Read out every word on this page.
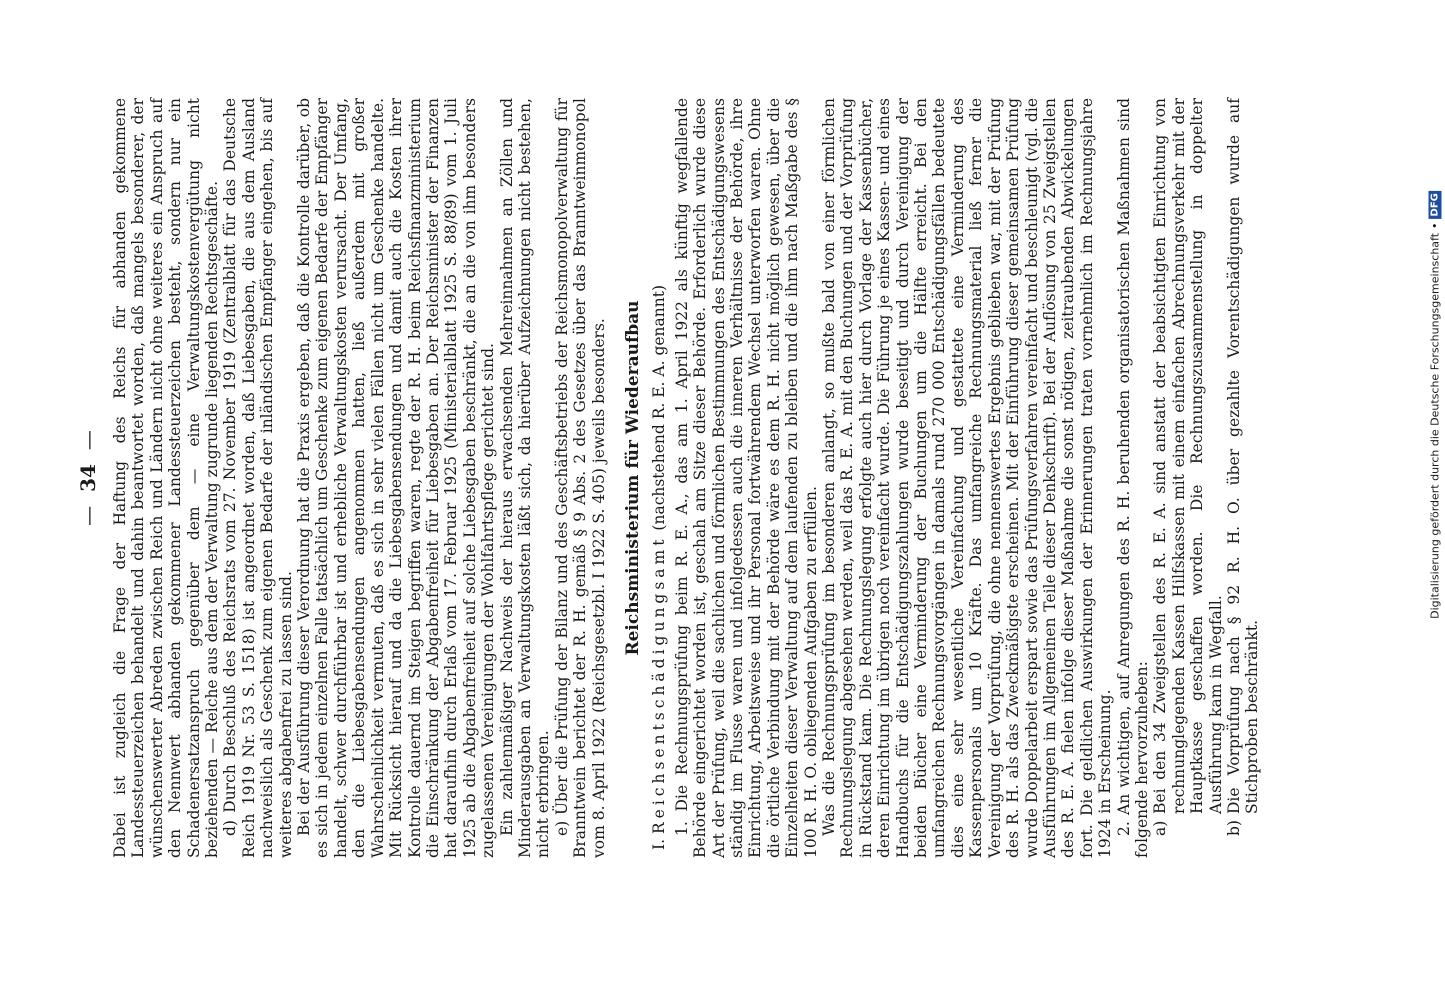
—34— Dabei ist zugleich die Frage der Haftung des Reichs für abhanden gekommene Landessteuerzeichen behandelt und dahin beantwortet worden, daß mangels besonderer, der wünschenswerter Abreden zwischen Reich und Ländern nicht ohne weiteres ein Anspruch auf den Nennwert abhanden gekommener Landessteuerzeichen besteht, sondern nur ein Schadenersatzanspruch gegenüber dem — eine Verwaltungskostenvergütung nicht beziehenden — Reiche aus dem der Verwaltung zugrunde liegenden Rechtsgeschäfte. d) Durch Beschluß des Reichsrats vom 27. November 1919 (Zentralblatt für das Deutsche Reich 1919 Nr. 53 S. 1518) ist angeordnet worden, daß Liebesgaben, die aus dem Ausland nachweislich als Geschenk zum eigenen Bedarfe der inländischen Empfänger eingehen, bis auf weiteres abgabenfrei zu lassen sind. Bei der Ausführung dieser Verordnung hat die Praxis ergeben, daß die Kontrolle darüber, ob es sich in jedem einzelnen Falle tatsächlich um Geschenke zum eigenen Bedarfe der Empfänger handelt, schwer durchführbar ist und erhebliche Verwaltungskosten verursacht. Der Umfang, den die Liebesgabensendungen angenommen hatten, ließ außerdem mit großer Wahrscheinlichkeit vermuten, daß es sich in sehr vielen Fällen nicht um Geschenke handelte. Mit Rücksicht hierauf und da die Liebesgabensendungen und damit auch die Kosten ihrer Kontrolle dauernd im Steigen begriffen waren, regte der R. H. beim Reichsfinanzministerium die Einschränkung der Abgabenfreiheit für Liebesgaben an. Der Reichsminister der Finanzen hat daraufhin durch Erlaß vom 17. Februar 1925 (Ministerialblatt 1925 S. 88/89) vom 1. Juli 1925 ab die Abgabenfreiheit auf solche Liebesgaben beschränkt, die an die von ihm besonders zugelassenen Vereinigungen der Wohlfahrtspflege gerichtet sind. Ein zahlenmäßiger Nachweis der hieraus erwachsenden Mehreinnahmen an Zöllen und Minderausgaben an Verwaltungskosten läßt sich, da hierüber Aufzeichnungen nicht bestehen, nicht erbringen. e) Über die Prüfung der Bilanz und des Geschäftsbetriebs der Reichsmonopolverwaltung für Branntwein berichtet der R. H. gemäß § 9 Abs. 2 des Gesetzes über das Branntweinmonopol vom 8. April 1922 (Reichsgesetzbl. I 1922 S. 405) jeweils besonders. Reichsministerium für Wiederaufbau
I. Reichsentschädigungsamt (nachstehend R. E. A. genannt) 1. Die Rechnungsprüfung beim R. E. A., das am 1. April 1922 als künftig wegfallende Behörde eingerichtet worden ist, geschah am Sitze dieser Behörde. Erforderlich wurde diese Art der Prüfung, weil die sachlichen und förmlichen Bestimmungen des Entschädigungswesens ständig im Flusse waren und infolgedessen auch die inneren Verhältnisse der Behörde, ihre Einrichtung, Arbeitsweise und ihr Personal fortwährendem Wechsel unterworfen waren. Ohne die örtliche Verbindung mit der Behörde wäre es dem R. H. nicht möglich gewesen, über die Einzelheiten dieser Verwaltung auf dem laufenden zu bleiben und die ihm nach Maßgabe des § 100 R. H. O. obliegenden Aufgaben zu erfüllen. Was die Rechnungsprüfung im besonderen anlangt, so mußte bald von einer förmlichen Rechnungslegung abgesehen werden, weil das R. E. A. mit den Buchungen und der Vorprüfung in Rückstand kam. Die Rechnungslegung erfolgte auch hier durch Vorlage der Kassenbücher, deren Einrichtung im übrigen noch vereinfacht wurde. Die Führung je eines Kassen- und eines Handbuchs für die Entschädigungszahlungen wurde beseitigt und durch Vereinigung der beiden Bücher eine Verminderung der Buchungen um die Hälfte erreicht. Bei den umfangreichen Rechnungsvorgängen in damals rund 270 000 Entschädigungsfällen bedeutete dies eine sehr wesentliche Vereinfachung und gestattete eine Verminderung des Kassenpersonals um 10 Kräfte. Das umfangreiche Rechnungsmaterial ließ ferner die Vereinigung der Vorprüfung, die ohne nennenswertes Ergebnis geblieben war, mit der Prüfung des R. H. als das Zweckmäßigste erscheinen. Mit der Einführung dieser gemeinsamen Prüfung wurde Doppelarbeit erspart sowie das Prüfungsverfahren vereinfacht und beschleunigt (vgl. die Ausführungen im Allgemeinen Teile dieser Denkschrift). Bei der Auflösung von 25 Zweigstellen des R. E. A. fielen infolge dieser Maßnahme die sonst nötigen, zeitraubenden Abwickelungen fort. Die geldlichen Auswirkungen der Erinnerungen traten vornehmlich im Rechnungsjahre 1924 in Erscheinung. 2. An wichtigen, auf Anregungen des R. H. beruhenden organisatorischen Maßnahmen sind folgende hervorzuheben: a)
Bei den 34 Zweigstellen des R. E. A. sind anstatt der beabsichtigten Einrichtung von rechnunglegenden Kassen Hilfskassen mit einem einfachen Abrechnungsverkehr mit der Hauptkasse geschaffen worden. Die Rechnungszusammenstellung in doppelter Ausführung kam in Wegfall.
b)
Die Vorprüfung nach § 92 R. H. O. über gezahlte Vorentschädigungen wurde auf Stichproben beschränkt.
Digitalisierung gefördert durch die Deutsche Forschungsgemeinschaft
•
DFG
